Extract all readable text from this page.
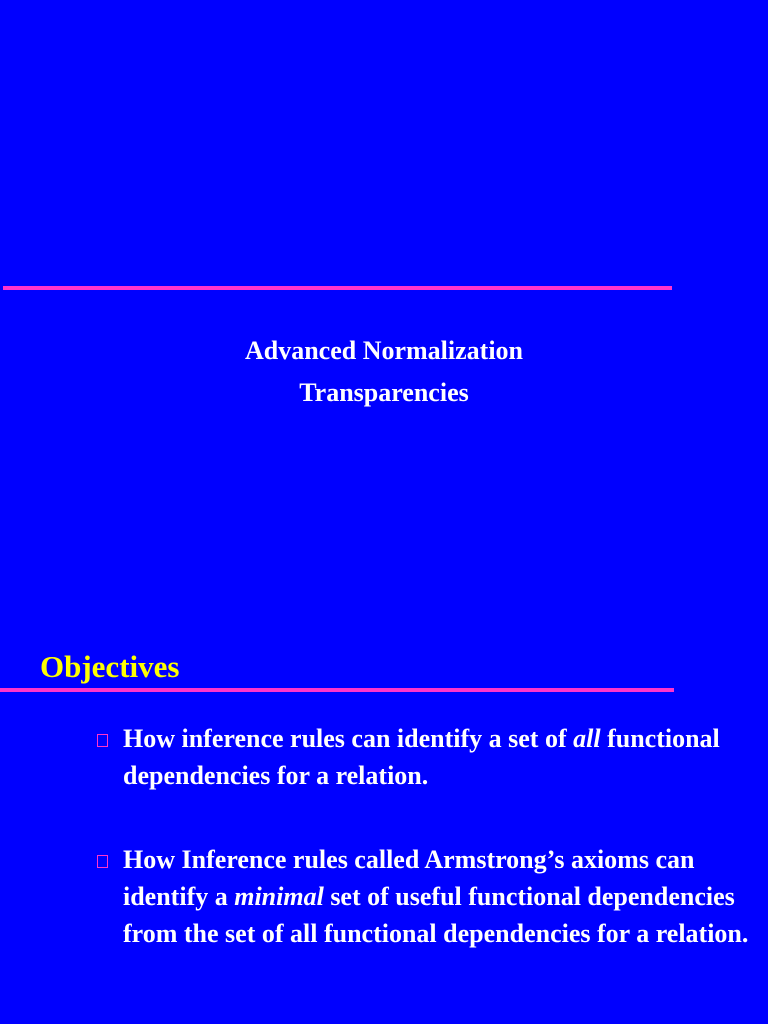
Advanced Normalization
Transparencies
Objectives
How inference rules can identify a set of all functional dependencies for a relation.
How Inference rules called Armstrong’s axioms can identify a minimal set of useful functional dependencies from the set of all functional dependencies for a relation.
